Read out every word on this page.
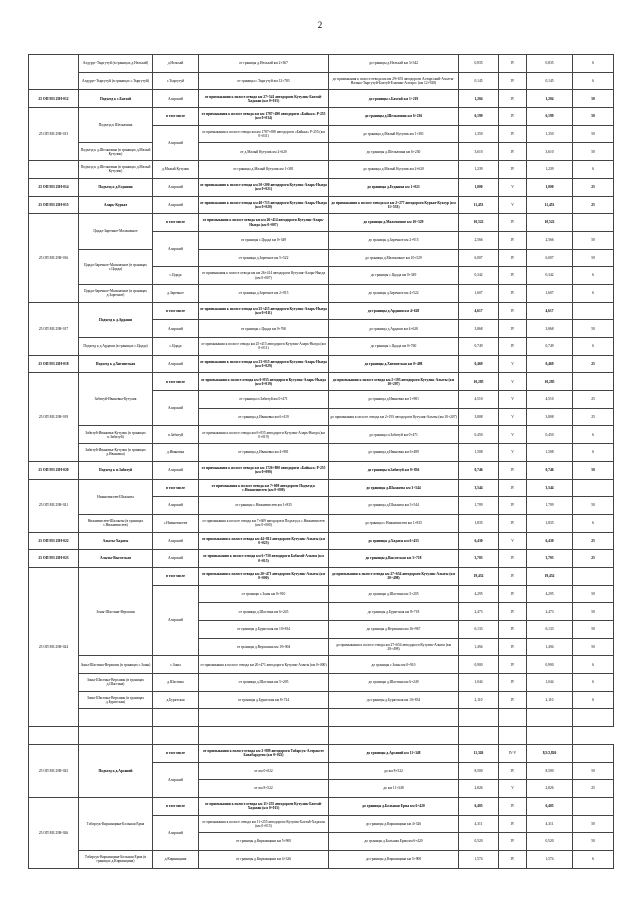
2
	Алдуруг-Тыргутуй (в границах д.Нельхай)	д.Нельхай	от границы д.Нельхай км 2+367	до границы д.Нельхай км 3+342	0,835	IV	0,835	6
	Алдуруг-Тыргутуй (в границах с.Тыргутуй)	с.Тыргутуй	от границы с.Тыргутуй км 12+783	до примыкания к полосе отвода км км 29+653 автодороги Алтарсский-Ахолты-Налько-Тыргутуй-Бахтуй-Елаенко-Алтарсс (км 12+928)	0,145	IV	0,145	6
25 ОП МЗ 25Н-012	Подъезд к с.Бахтай	Аларский	от примыкания к полосе отвода км 27+541 автодороги Кутулик-Бахтай-Хадахан (км 0+015)	до границы с.Бахтай км 1+219	1,204	IV	1,204	50
25 ОП МЗ 25Н-013	Подъезд к Шелкачина	в том числе	от примыкания к полосе отвода км км 1787+490 автодороги «Байкал» Р-255 (км 0+034)	до границы д.Шелкачина км 6+236	6,199	IV	6,199	50
		Аларский	от примыкания к полосе отвода км км 1787+690 автодороги «Байкал» Р-255 (км 0+031)	до границы д.Малый Кутулик км 1+381	1,350	IV	1,350	50
	Подъезд к д.Шелкачина (в границах д.Малый Кутулик)		от д.Малый Кутулик км 2+620	до границы д.Шелкачина км 6+230	3,610	IV	3,610	50
	Подъезд к д.Шелкачина (в границах д.Малый Кутулик)	д.Малый Кутулик	от границы д.Малый Кутулик км 1+381	до границы д.Малый Кутулик км 2+620	1,239	IV	1,239	6
25 ОП МЗ 25Н-014	Подъезд к д.Егдашна	Аларский	от примыкания к полосе отвода км 50+200 автодороги Кутулик-Аларь-Ныгда (км 0+021)	до границы д.Егдашна км 1+021	1,000	V	1,000	25
25 ОП МЗ 25Н-015	Аларь-Куркат	Аларский	от примыкания к полосе отвода км 40+713 автодороги Кутулик-Аларь-Ныгда (км 0+020)	до примыкания к полосе отвода км км 2+277 автодороги Куркат-Куксур (км 11+533)	11,453	V	11,453	25
25 ОП МЗ 25Н-016	Ццада-Заречное-Мальчачное	в том числе	от примыкания к полосе отвода км км 26+414 автодороги Кутулик-Аларь-Ныгда (км 0+007)	до границы д.Мальчачное км 10+529	10,522	IV	10,522	
		Аларский	от границы с.Ццада км 0+349	до границы д.Заречное км 2+915	2,566	IV	2,566	50
	Ццада-Заречное-Мальчачное (в границах с.Ццада)		от границы д.Заречное км 5+522	до границы д.Мальчачное км 10+529	6,007	IV	6,007	50
		с.Ццада	от примыкания к полосе отвода км км 26+414 автодороги Кутулик-Аларь-Ныгда (км 0+007)	до границы с.Ццада км 0+349	0,342	IV	0,342	6
	Ццада-Заречное-Мальчачное (в границах д.Заречное)	д.Заречное	от границы д.Заречное км 2+915	до границы д.Заречное км 4+522	1,607	IV	1,607	6
25 ОП МЗ 25Н-017	Подъезд к д.Ардаши	в том числе	от примыкания к полосе отвода км 25+415 автодороги Кутулик-Аларь-Ныгда (км 0+011)	до границы д.Ардаши км 4+628	4,617	IV	4,617	
		Аларский	от границы с.Ццада км 0+760	до границы д.Ардаши км 4+628	3,868	IV	3,868	50
	Подъезд к д.Ардаши (в границах с.Ццада)	с.Ццада	от примыкания к полосе отвода км 25+415 автодороги Кутулик-Аларь-Ныгда (км 0+011)	до границы с.Ццада км 0+760	0,749	IV	0,749	6
25 ОП МЗ 25Н-018	Подъезд к д.Хигинтская	Аларский	от примыкания к полосе отвода км 23+015 автодороги Кутулик-Аларь-Ныгда (км 0+029)	до границы д.Хигинтская км 0+498	0,469	V	0,469	25
25 ОП МЗ 25Н-019	Забитуй-Ивановка-Кутулик	в том числе	от примыкания к полосе отвода км 6+055 автодороги Кутулик-Аларь-Ныгда (км 0+019)	до примыкания к полосе отвода км 2+193 автодороги Кутулик-Алыты (км 10+207)	10,285	V	10,285	
		Аларский	от границы п.Забитуй км 0+471	до границы д.Ивановка км 1+981	4,510	V	4,510	25
			от границы д.Ивановка км 6+419	до примыкания к полосе отвода км 2+193 автодороги Кутулик-Алыты (км 10+207)	3,808	V	3,808	25
	Забитуй-Ивановка-Кутулик (в границах п.Забитуй)	п.Забитуй	от примыкания к полосе отвода км 6+055 автодороги Кутулик-Аларь-Ныгда (км 0+019)	до границы п.Забитуй км 0+471	0,450	V	0,450	6
	Забитуй-Ивановка-Кутулик (в границах д.Ивановка)	д.Ивановка	от границы д.Ивановка км 4+981	до границы д.Ивановка км 6+489	1,508	V	1,508	6
25 ОП МЗ 25Н-020	Подъезд к п.Забитуй	Аларский	от примыкания к полосе отвода км км 1726+800 автодороги «Байкал» Р-255 (км 0+090)	до границы п.Забитуй км 0+836	0,746	IV	0,746	50
25 ОП МЗ 25Н-021	Нижнеиисеев-Шаланты	в том числе	от примыкания к полосе отвода км 7+609 автодороги Подъезд к с.Нижнеиисеев (км 0+000)	до границы д.Шаланты км 3+544	3,544	IV	3,544	
		Аларский	от границы с.Нижнеиисеев км 1+835	до границы д.Шаланты км 3+544	1,709	IV	1,709	50
	Нижнеиисеев-Шаланты (в границах с.Нижнеиисеев)	с.Нижнеиисеев	от примыкания к полосе отвода км 7+609 автодороги Подъезд к с.Нижнеиисеев (км 0+000)	до границы с.Нижнеиисеев км 1+835	1,835	IV	1,835	6
25 ОП МЗ 25Н-022	Алыты-Хадаты	Аларский	от примыкания к полосе отвода км 44+812 автодороги Кутулик-Алыты (км 0+025)	до границы д.Хадаты км 6+455	6,430	V	6,430	25
25 ОП МЗ 25Н-023	Алыты-Высотская	Аларский	от примыкания к полосе отвода км 6+750 автодороги Бабагай-Алыты (км 0+015)	до границы д.Высотская км 3+718	3,703	IV	3,703	25
25 ОП МЗ 25Н-024	Зоны-Шастина-Верхшин	в том числе	от примыкания к полосе отвода км 20+471 автодороги Кутулик-Алыты (км 0+000)	до примыкания к полосе отвода км 27+654 автодороги Кутулик-Алыты (км 20+498)	19,452	IV	19,452	
		Аларский	от границы с.Зоны км 0+910	до границы д.Шастина км 5+205	4,295	IV	4,295	50
			от границы д.Шастина км 6+245	до границы д.Бурятская км 8+718	2,473	IV	2,473	50
			от границы д.Бурятская км 10+834	до границы д.Верхшина км 16+967	6,133	IV	6,133	50
			от границы д.Верхшина км 19+004	до примыкания к полосе отвода км 27+654 автодороги Кутулик-Алыты (км 20+498)	1,494	IV	1,494	50
	Зоны-Шастина-Верхшин (в границах с.Зоны)	с.Зоны	от примыкания к полосе отвода км 20+471 автодороги Кутулик-Алыты (км 0+000)	до границы с.Зоны км 0+910	0,900	IV	0,900	6
	Зоны-Шастина-Верхшин (в границах д.Шастина)	д.Шастина	от границы д.Шастина км 5+205	до границы д.Шастина км 6+249	1,044	IV	1,044	6
	Зоны-Шастина-Верхшин (в границах д.Бурятская)	д.Бурятская	от границы д.Бурятская км 8+724	до границы д.Бурятская км 10+834	2,110	IV	2,110	6

25 ОП МЗ 25Н-025	Подъезд к д.Арсаний	в том числе	от примыкания к полосе отвода км 2+889 автодороги Табарсук-Алтраксте Бахабардуево (км 0+022)	до границы д.Арсаний км 11+348	11,326	IV-V	8,5/2,826	
		Аларский	от км 0+022	до км 8+522	8,500	IV	8,500	50
			от км 8+522	до км 11+348	2,826	V	2,826	25
25 ОП МЗ 25Н-026	Табарсук-Киркинцина-Большая Ерма	в том числе	от примыкания к полосе отвода км 11+255 автодороги Кутулик-Бахтай-Хадахан (км 0+015)	до границы д.Большая Ерма км 6+420	6,405	IV	6,405	
		Аларский	от примыкания к полосе отвода км 11+255 автодороги Кутулик-Бахтай-Хадахан (км 0+015)	до границы д.Киркинцина км 4+326	4,311	IV	4,311	50
			от границы д.Киркинцина км 5+900	до границы д.Большая Ерма км 6+420	0,520	IV	0,520	50
	Табарсук-Киркинцина-Большая Ерма (в границах д.Киркинцина)	д.Киркинцина	от границы д.Киркинцина км 4+326	до границы д.Киркинцина км 5+900	1,574	IV	1,574	6
